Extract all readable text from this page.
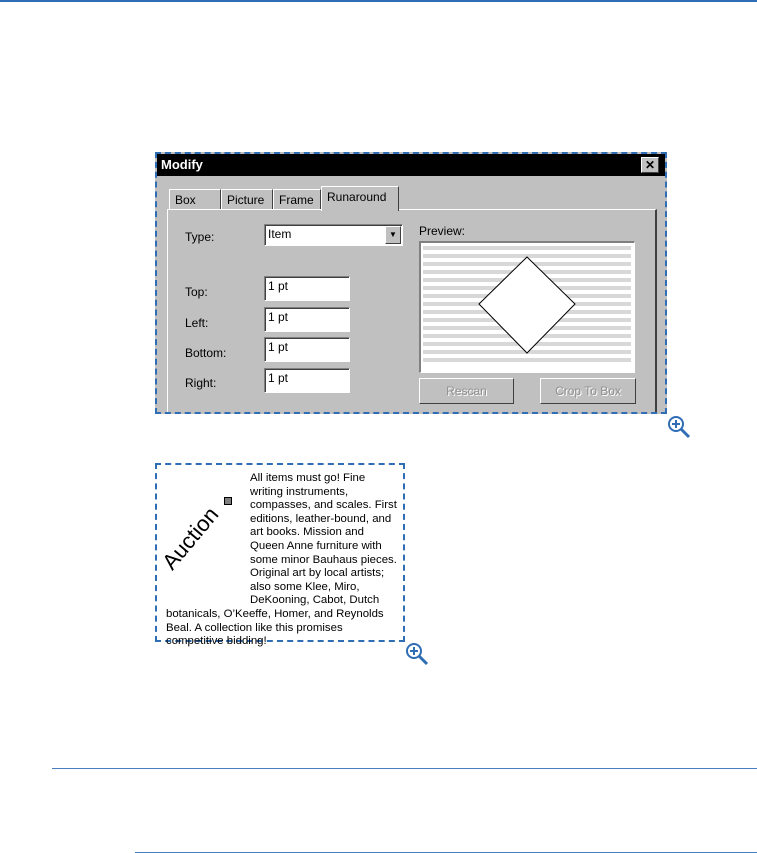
Modify	✕
Box	Picture	Frame	Runaround
Type:	Item	▼
Top:	1 pt
Left:	1 pt
Bottom:	1 pt
Right:	1 pt
Preview:
Rescan	Crop To Box
All items must go! Fine writing instruments, compasses, and scales. First editions, leather-bound, and art books. Mission and Queen Anne furniture with some minor Bauhaus pieces. Original art by local artists; also some Klee, Miro, DeKooning, Cabot, Dutch botanicals, O’Keeffe, Homer, and Reynolds Beal. A collection like this promises competitive bidding!
Auction
